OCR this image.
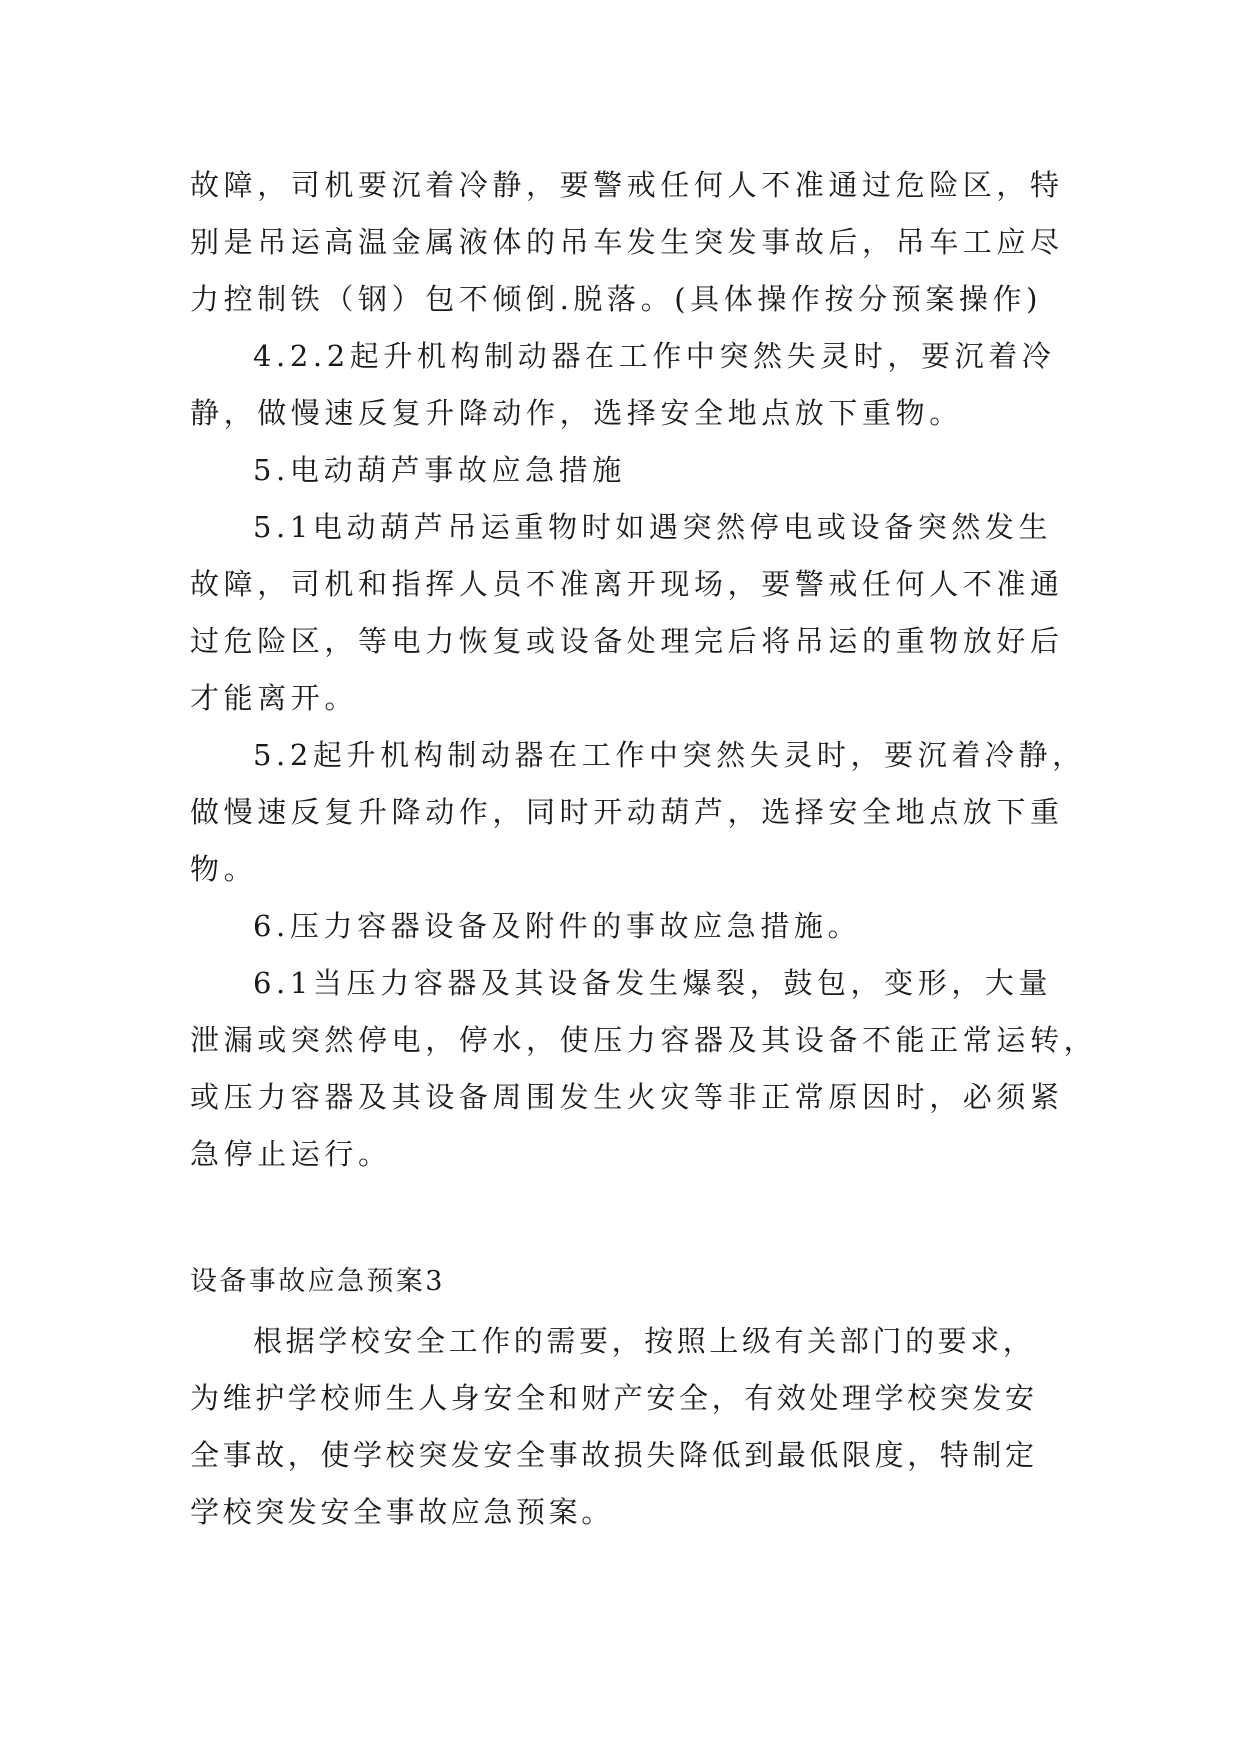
故障，司机要沉着冷静，要警戒任何人不准通过危险区，特
别是吊运高温金属液体的吊车发生突发事故后，吊车工应尽
力控制铁（钢）包不倾倒.脱落。(具体操作按分预案操作)
4.2.2起升机构制动器在工作中突然失灵时，要沉着冷
静，做慢速反复升降动作，选择安全地点放下重物。
5.电动葫芦事故应急措施
5.1电动葫芦吊运重物时如遇突然停电或设备突然发生
故障，司机和指挥人员不准离开现场，要警戒任何人不准通
过危险区，等电力恢复或设备处理完后将吊运的重物放好后
才能离开。
5.2起升机构制动器在工作中突然失灵时，要沉着冷静，
做慢速反复升降动作，同时开动葫芦，选择安全地点放下重
物。
6.压力容器设备及附件的事故应急措施。
6.1当压力容器及其设备发生爆裂，鼓包，变形，大量
泄漏或突然停电，停水，使压力容器及其设备不能正常运转，
或压力容器及其设备周围发生火灾等非正常原因时，必须紧
急停止运行。
设备事故应急预案3
根据学校安全工作的需要，按照上级有关部门的要求，
为维护学校师生人身安全和财产安全，有效处理学校突发安
全事故，使学校突发安全事故损失降低到最低限度，特制定
学校突发安全事故应急预案。
